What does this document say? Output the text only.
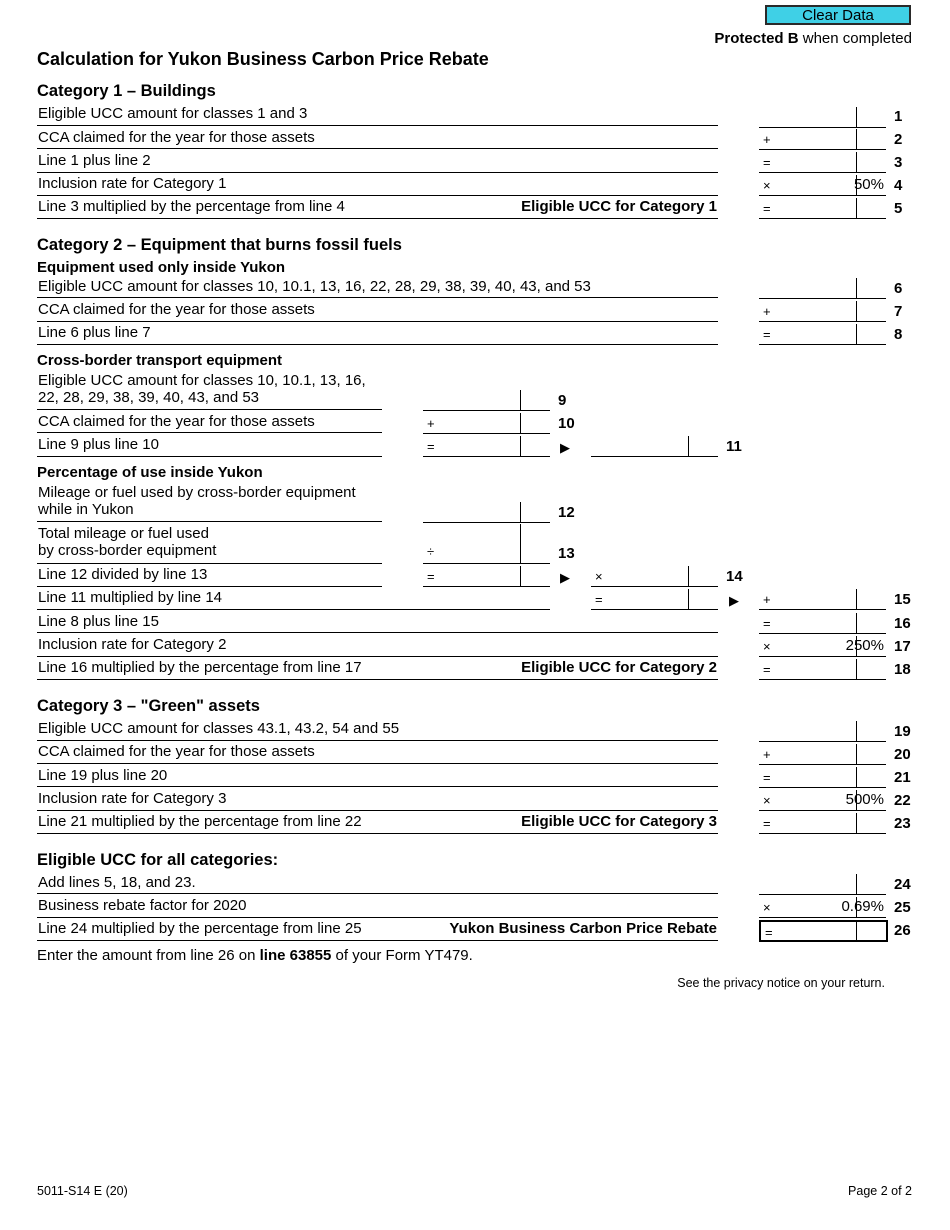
Clear Data
Protected B when completed
Calculation for Yukon Business Carbon Price Rebate
Category 1 – Buildings
Eligible UCC amount for classes 1 and 3	1
CCA claimed for the year for those assets	+	2
Line 1 plus line 2	=	3
Inclusion rate for Category 1	×	50% 4
Line 3 multiplied by the percentage from line 4	Eligible UCC for Category 1	=	5
Category 2 – Equipment that burns fossil fuels
Equipment used only inside Yukon
Eligible UCC amount for classes 10, 10.1, 13, 16, 22, 28, 29, 38, 39, 40, 43, and 53	6
CCA claimed for the year for those assets	+	7
Line 6 plus line 7	=	8
Cross-border transport equipment
Eligible UCC amount for classes 10, 10.1, 13, 16,
22, 28, 29, 38, 39, 40, 43, and 53	9
CCA claimed for the year for those assets	+	10
Line 9 plus line 10	=	▶	11
Percentage of use inside Yukon
Mileage or fuel used by cross-border equipment
while in Yukon	12
Total mileage or fuel used
by cross-border equipment	÷	13
Line 12 divided by line 13	=	▶ ×	14
Line 11 multiplied by line 14	=	▶ +	15
Line 8 plus line 15	=	16
Inclusion rate for Category 2	×	250% 17
Line 16 multiplied by the percentage from line 17	Eligible UCC for Category 2	=	18
Category 3 – "Green" assets
Eligible UCC amount for classes 43.1, 43.2, 54 and 55	19
CCA claimed for the year for those assets	+	20
Line 19 plus line 20	=	21
Inclusion rate for Category 3	×	500% 22
Line 21 multiplied by the percentage from line 22	Eligible UCC for Category 3	=	23
Eligible UCC for all categories:
Add lines 5, 18, and 23.	24
Business rebate factor for 2020	×	0.69% 25
Line 24 multiplied by the percentage from line 25	Yukon Business Carbon Price Rebate	=	26
Enter the amount from line 26 on line 63855 of your Form YT479.
See the privacy notice on your return.
5011-S14 E (20)	Page 2 of 2
